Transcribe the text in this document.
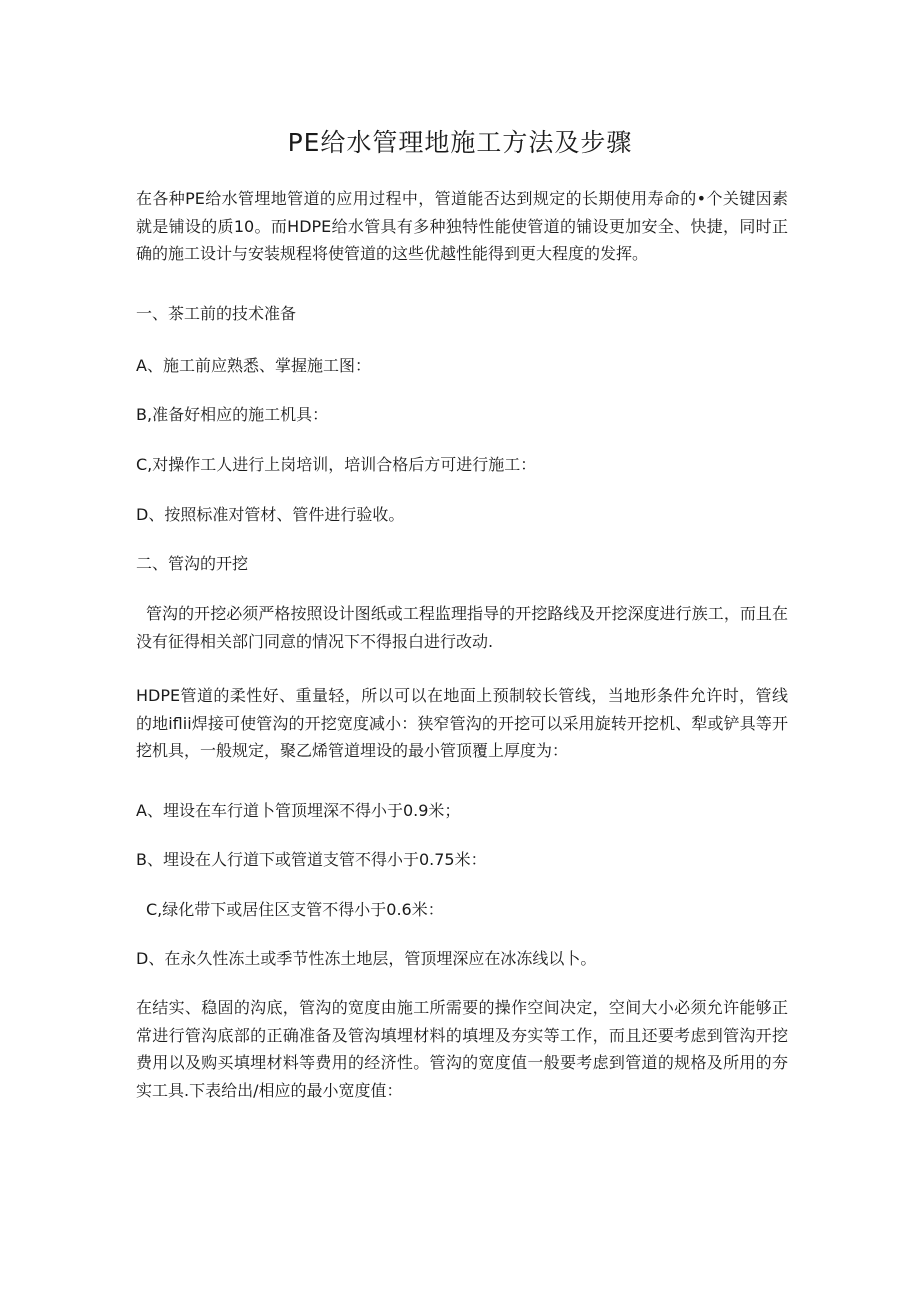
PE给水管理地施工方法及步骤
在各种PE给水管埋地管道的应用过程中，管道能否达到规定的长期使用寿命的•个关键因素就是铺设的质10。而HDPE给水管具有多种独特性能使管道的铺设更加安全、快捷，同时正确的施工设计与安装规程将使管道的这些优越性能得到更大程度的发挥。
一、茶工前的技术准备
A、施工前应熟悉、掌握施工图：
B,准备好相应的施工机具：
C,对操作工人进行上岗培训，培训合格后方可进行施工：
D、按照标准对管材、管件进行验收。
二、管沟的开挖
管沟的开挖必须严格按照设计图纸或工程监理指导的开挖路线及开挖深度进行族工，而且在没有征得相关部门同意的情况下不得报白进行改动.
HDPE管道的柔性好、重量轻，所以可以在地面上预制较长管线，当地形条件允许时，管线的地iflii焊接可使管沟的开挖宽度减小：狭窄管沟的开挖可以采用旋转开挖机、犁或铲具等开挖机具，一般规定，聚乙烯管道埋设的最小管顶覆上厚度为：
A、埋设在车行道卜管顶埋深不得小于0.9米；
B、埋设在人行道下或管道支管不得小于0.75米：
C,绿化带下或居住区支管不得小于0.6米：
D、在永久性冻土或季节性冻土地层，管顶埋深应在冰冻线以卜。
在结实、稳固的沟底，管沟的宽度由施工所需要的操作空间决定，空间大小必须允许能够正常进行管沟底部的正确准备及管沟填埋材料的填埋及夯实等工作，而且还要考虑到管沟开挖费用以及购买填埋材料等费用的经济性。管沟的宽度值一般要考虑到管道的规格及所用的夯实工具.下表给出/相应的最小宽度值：
